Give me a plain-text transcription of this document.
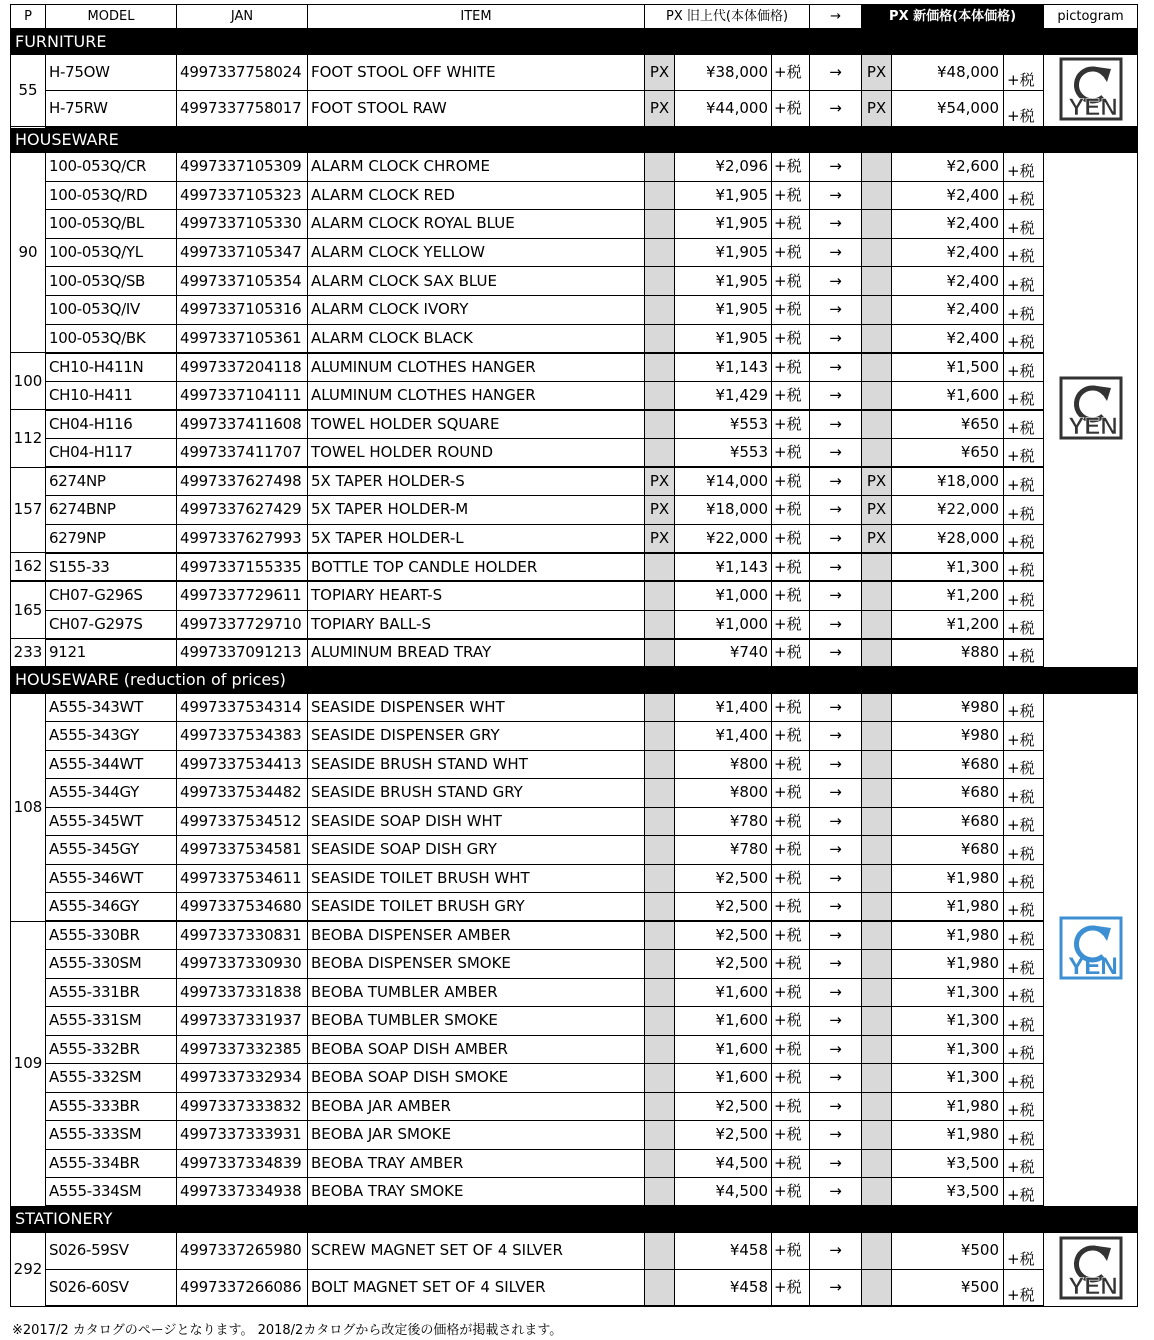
P	MODEL	JAN	ITEM	PX 旧上代(本体価格)			→	PX 新価格(本体価格)			pictogram
FURNITURE											
55	H-75OW	4997337758024	FOOT STOOL OFF WHITE	PX	¥38,000	+税	→	PX	¥48,000	+税	YEN

	H-75RW	4997337758017	FOOT STOOL RAW	PX	¥44,000	+税	→	PX	¥54,000	+税	
HOUSEWARE											
90	100-053Q/CR	4997337105309	ALARM CLOCK CHROME		¥2,096	+税	→		¥2,600	+税	YEN

	100-053Q/RD	4997337105323	ALARM CLOCK RED		¥1,905	+税	→		¥2,400	+税	
	100-053Q/BL	4997337105330	ALARM CLOCK ROYAL BLUE		¥1,905	+税	→		¥2,400	+税	
	100-053Q/YL	4997337105347	ALARM CLOCK YELLOW		¥1,905	+税	→		¥2,400	+税	
	100-053Q/SB	4997337105354	ALARM CLOCK SAX BLUE		¥1,905	+税	→		¥2,400	+税	
	100-053Q/IV	4997337105316	ALARM CLOCK IVORY		¥1,905	+税	→		¥2,400	+税	
	100-053Q/BK	4997337105361	ALARM CLOCK BLACK		¥1,905	+税	→		¥2,400	+税	
100	CH10-H411N	4997337204118	ALUMINUM CLOTHES HANGER		¥1,143	+税	→		¥1,500	+税	
	CH10-H411	4997337104111	ALUMINUM CLOTHES HANGER		¥1,429	+税	→		¥1,600	+税	
112	CH04-H116	4997337411608	TOWEL HOLDER SQUARE		¥553	+税	→		¥650	+税	
	CH04-H117	4997337411707	TOWEL HOLDER ROUND		¥553	+税	→		¥650	+税	
157	6274NP	4997337627498	5X TAPER HOLDER-S	PX	¥14,000	+税	→	PX	¥18,000	+税	
	6274BNP	4997337627429	5X TAPER HOLDER-M	PX	¥18,000	+税	→	PX	¥22,000	+税	
	6279NP	4997337627993	5X TAPER HOLDER-L	PX	¥22,000	+税	→	PX	¥28,000	+税	
162	S155-33	4997337155335	BOTTLE TOP CANDLE HOLDER		¥1,143	+税	→		¥1,300	+税	
165	CH07-G296S	4997337729611	TOPIARY HEART-S		¥1,000	+税	→		¥1,200	+税	
	CH07-G297S	4997337729710	TOPIARY BALL-S		¥1,000	+税	→		¥1,200	+税	
233	9121	4997337091213	ALUMINUM BREAD TRAY		¥740	+税	→		¥880	+税	
HOUSEWARE (reduction of prices)											
108	A555-343WT	4997337534314	SEASIDE DISPENSER WHT		¥1,400	+税	→		¥980	+税	YEN

	A555-343GY	4997337534383	SEASIDE DISPENSER GRY		¥1,400	+税	→		¥980	+税	
	A555-344WT	4997337534413	SEASIDE BRUSH STAND WHT		¥800	+税	→		¥680	+税	
	A555-344GY	4997337534482	SEASIDE BRUSH STAND GRY		¥800	+税	→		¥680	+税	
	A555-345WT	4997337534512	SEASIDE SOAP DISH WHT		¥780	+税	→		¥680	+税	
	A555-345GY	4997337534581	SEASIDE SOAP DISH GRY		¥780	+税	→		¥680	+税	
	A555-346WT	4997337534611	SEASIDE TOILET BRUSH WHT		¥2,500	+税	→		¥1,980	+税	
	A555-346GY	4997337534680	SEASIDE TOILET BRUSH GRY		¥2,500	+税	→		¥1,980	+税	
109	A555-330BR	4997337330831	BEOBA DISPENSER AMBER		¥2,500	+税	→		¥1,980	+税	
	A555-330SM	4997337330930	BEOBA DISPENSER SMOKE		¥2,500	+税	→		¥1,980	+税	
	A555-331BR	4997337331838	BEOBA TUMBLER AMBER		¥1,600	+税	→		¥1,300	+税	
	A555-331SM	4997337331937	BEOBA TUMBLER SMOKE		¥1,600	+税	→		¥1,300	+税	
	A555-332BR	4997337332385	BEOBA SOAP DISH AMBER		¥1,600	+税	→		¥1,300	+税	
	A555-332SM	4997337332934	BEOBA SOAP DISH SMOKE		¥1,600	+税	→		¥1,300	+税	
	A555-333BR	4997337333832	BEOBA JAR AMBER		¥2,500	+税	→		¥1,980	+税	
	A555-333SM	4997337333931	BEOBA JAR SMOKE		¥2,500	+税	→		¥1,980	+税	
	A555-334BR	4997337334839	BEOBA TRAY AMBER		¥4,500	+税	→		¥3,500	+税	
	A555-334SM	4997337334938	BEOBA TRAY SMOKE		¥4,500	+税	→		¥3,500	+税	
STATIONERY											
292	S026-59SV	4997337265980	SCREW MAGNET SET OF 4 SILVER		¥458	+税	→		¥500	+税	YEN

	S026-60SV	4997337266086	BOLT MAGNET SET OF 4 SILVER		¥458	+税	→		¥500	+税	
※2017/2 カタログのページとなります。 2018/2カタログから改定後の価格が掲載されます。
